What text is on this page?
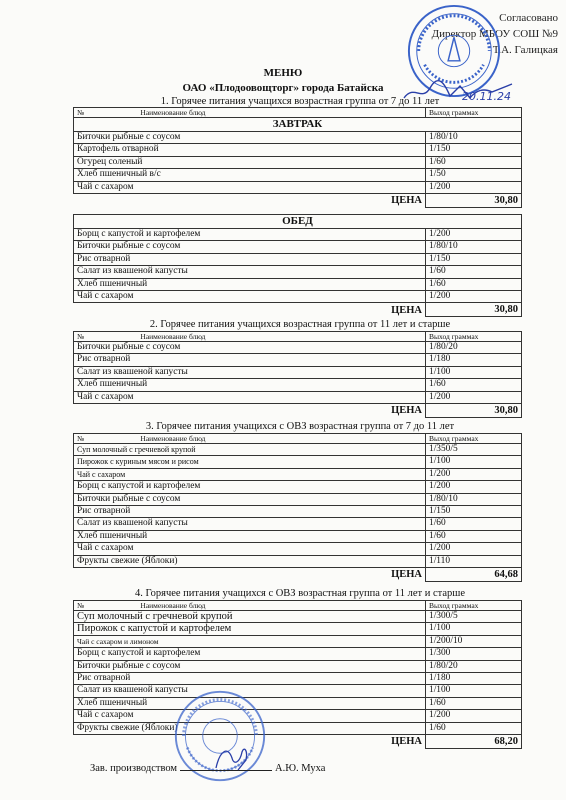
Согласовано
Директор МБОУ СОШ №9
Т.А. Галицкая
20.11.24
МЕНЮ
ОАО «Плодоовощторг» города Батайска
1. Горячее питания учащихся возрастная группа от 7 до 11 лет
№ Наименование блюд	Выход граммах
ЗАВТРАК	
Биточки рыбные с соусом	1/80/10
Картофель отварной	1/150
Огурец соленый	1/60
Хлеб пшеничный в/с	1/50
Чай с сахаром	1/200
ЦЕНА	30,80
ОБЕД	
Борщ с капустой и картофелем	1/200
Биточки рыбные с соусом	1/80/10
Рис отварной	1/150
Салат из квашеной капусты	1/60
Хлеб пшеничный	1/60
Чай с сахаром	1/200
ЦЕНА	30,80
2. Горячее питания учащихся возрастная группа от 11 лет и старше
№ Наименование блюд	Выход граммах
Биточки рыбные с соусом	1/80/20
Рис отварной	1/180
Салат из квашеной капусты	1/100
Хлеб пшеничный	1/60
Чай с сахаром	1/200
ЦЕНА	30,80
3. Горячее питания учащихся с ОВЗ возрастная группа от 7 до 11 лет
№ Наименование блюд	Выход граммах
Суп молочный с гречневой крупой	1/350/5
Пирожок с куриным мясом и рисом	1/100
Чай с сахаром	1/200
Борщ с капустой и картофелем	1/200
Биточки рыбные с соусом	1/80/10
Рис отварной	1/150
Салат из квашеной капусты	1/60
Хлеб пшеничный	1/60
Чай с сахаром	1/200
Фрукты свежие (Яблоки)	1/110
ЦЕНА	64,68
4. Горячее питания учащихся с ОВЗ возрастная группа от 11 лет и старше
№ Наименование блюд	Выход граммах
Суп молочный с гречневой крупой	1/300/5
Пирожок с капустой и картофелем	1/100
Чай с сахаром и лимоном	1/200/10
Борщ с капустой и картофелем	1/300
Биточки рыбные с соусом	1/80/20
Рис отварной	1/180
Салат из квашеной капусты	1/100
Хлеб пшеничный	1/60
Чай с сахаром	1/200
Фрукты свежие (Яблоки)	1/60
ЦЕНА	68,20
Зав. производством	А.Ю. Муха
